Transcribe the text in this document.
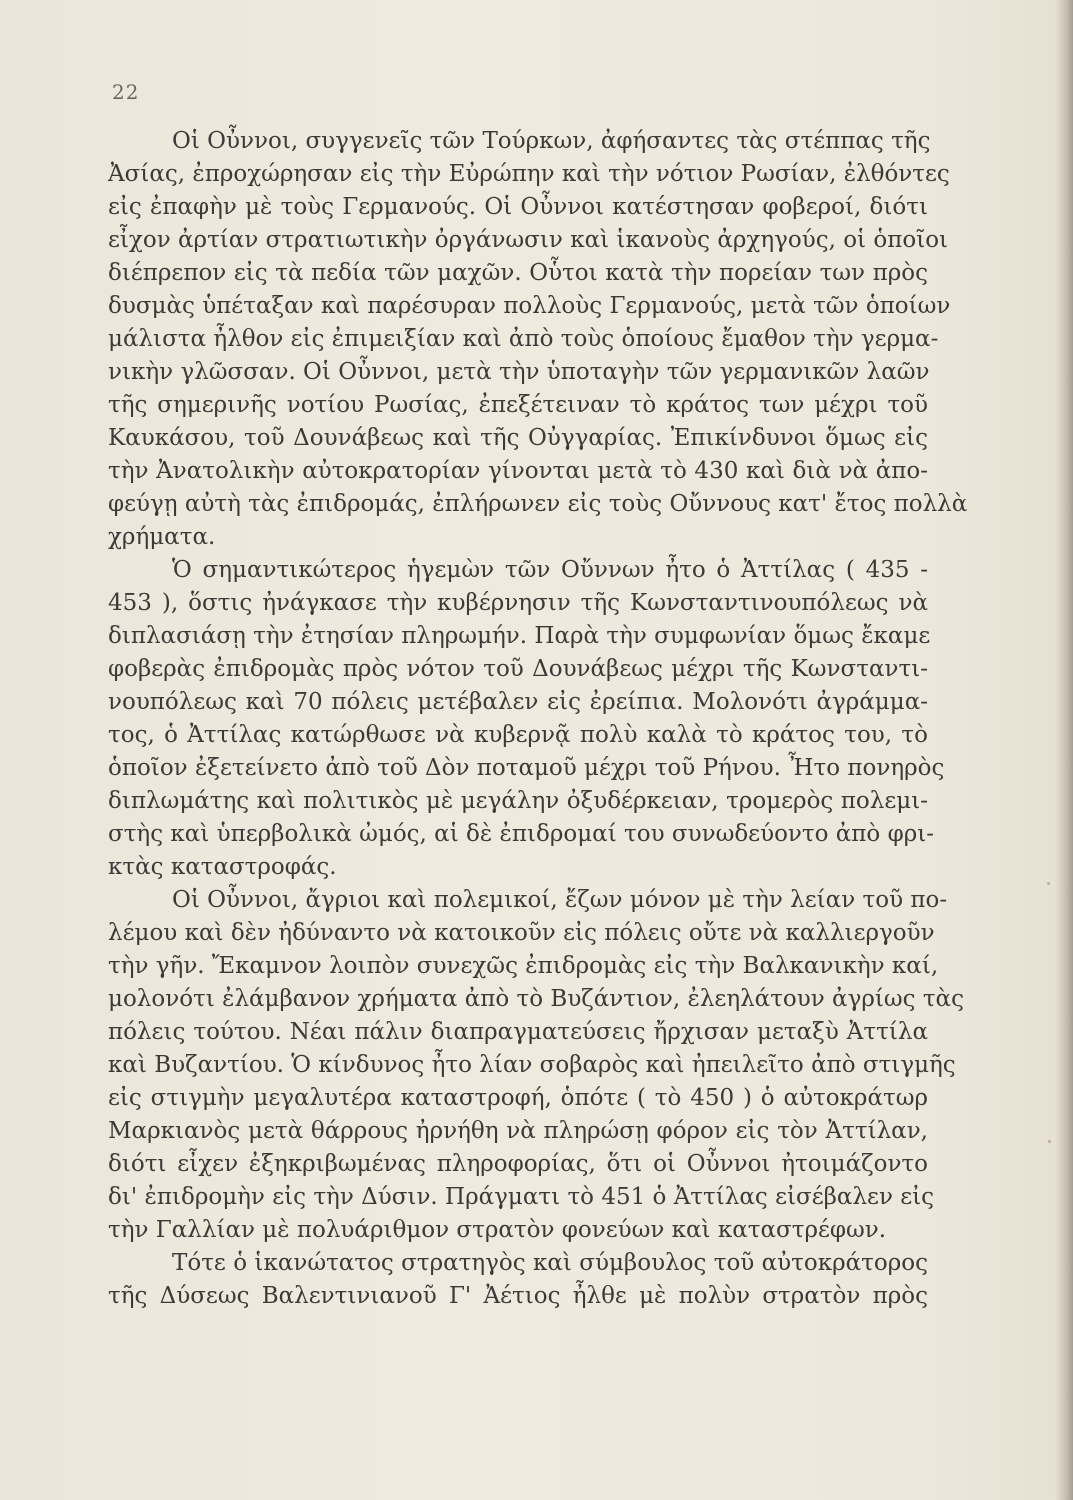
22
Οἱ Οὖννοι, συγγενεῖς τῶν Τούρκων, ἀφήσαντες τὰς στέππας τῆς
Ἀσίας, ἐπροχώρησαν εἰς τὴν Εὐρώπην καὶ τὴν νότιον Ρωσίαν, ἐλθόντες
εἰς ἐπαφὴν μὲ τοὺς Γερμανούς. Οἱ Οὖννοι κατέστησαν φοβεροί, διότι
εἶχον ἀρτίαν στρατιωτικὴν ὀργάνωσιν καὶ ἱκανοὺς ἀρχηγούς, οἱ ὁποῖοι
διέπρεπον εἰς τὰ πεδία τῶν μαχῶν. Οὗτοι κατὰ τὴν πορείαν των πρὸς
δυσμὰς ὑπέταξαν καὶ παρέσυραν πολλοὺς Γερμανούς, μετὰ τῶν ὁποίων
μάλιστα ἦλθον εἰς ἐπιμειξίαν καὶ ἀπὸ τοὺς ὁποίους ἔμαθον τὴν γερμα-
νικὴν γλῶσσαν. Οἱ Οὖννοι, μετὰ τὴν ὑποταγὴν τῶν γερμανικῶν λαῶν
τῆς σημερινῆς νοτίου Ρωσίας, ἐπεξέτειναν τὸ κράτος των μέχρι τοῦ
Καυκάσου, τοῦ Δουνάβεως καὶ τῆς Οὐγγαρίας. Ἐπικίνδυνοι ὅμως εἰς
τὴν Ἀνατολικὴν αὐτοκρατορίαν γίνονται μετὰ τὸ 430 καὶ διὰ νὰ ἀπο-
φεύγῃ αὐτὴ τὰς ἐπιδρομάς, ἐπλήρωνεν εἰς τοὺς Οὔννους κατ' ἔτος πολλὰ
χρήματα.
Ὁ σημαντικώτερος ἡγεμὼν τῶν Οὔννων ἦτο ὁ Ἀττίλας ( 435 -
453 ), ὅστις ἠνάγκασε τὴν κυβέρνησιν τῆς Κωνσταντινουπόλεως νὰ
διπλασιάσῃ τὴν ἐτησίαν πληρωμήν. Παρὰ τὴν συμφωνίαν ὅμως ἔκαμε
φοβερὰς ἐπιδρομὰς πρὸς νότον τοῦ Δουνάβεως μέχρι τῆς Κωνσταντι-
νουπόλεως καὶ 70 πόλεις μετέβαλεν εἰς ἐρείπια. Μολονότι ἀγράμμα-
τος, ὁ Ἀττίλας κατώρθωσε νὰ κυβερνᾷ πολὺ καλὰ τὸ κράτος του, τὸ
ὁποῖον ἐξετείνετο ἀπὸ τοῦ Δὸν ποταμοῦ μέχρι τοῦ Ρήνου. Ἦτο πονηρὸς
διπλωμάτης καὶ πολιτικὸς μὲ μεγάλην ὀξυδέρκειαν, τρομερὸς πολεμι-
στὴς καὶ ὑπερβολικὰ ὠμός, αἱ δὲ ἐπιδρομαί του συνωδεύοντο ἀπὸ φρι-
κτὰς καταστροφάς.
Οἱ Οὖννοι, ἄγριοι καὶ πολεμικοί, ἔζων μόνον μὲ τὴν λείαν τοῦ πο-
λέμου καὶ δὲν ἠδύναντο νὰ κατοικοῦν εἰς πόλεις οὔτε νὰ καλλιεργοῦν
τὴν γῆν. Ἔκαμνον λοιπὸν συνεχῶς ἐπιδρομὰς εἰς τὴν Βαλκανικὴν καί,
μολονότι ἐλάμβανον χρήματα ἀπὸ τὸ Βυζάντιον, ἐλεηλάτουν ἀγρίως τὰς
πόλεις τούτου. Νέαι πάλιν διαπραγματεύσεις ἤρχισαν μεταξὺ Ἀττίλα
καὶ Βυζαντίου. Ὁ κίνδυνος ἦτο λίαν σοβαρὸς καὶ ἠπειλεῖτο ἀπὸ στιγμῆς
εἰς στιγμὴν μεγαλυτέρα καταστροφή, ὁπότε ( τὸ 450 ) ὁ αὐτοκράτωρ
Μαρκιανὸς μετὰ θάρρους ἠρνήθη νὰ πληρώσῃ φόρον εἰς τὸν Ἀττίλαν,
διότι εἶχεν ἐξηκριβωμένας πληροφορίας, ὅτι οἱ Οὖννοι ἠτοιμάζοντο
δι' ἐπιδρομὴν εἰς τὴν Δύσιν. Πράγματι τὸ 451 ὁ Ἀττίλας εἰσέβαλεν εἰς
τὴν Γαλλίαν μὲ πολυάριθμον στρατὸν φονεύων καὶ καταστρέφων.
Τότε ὁ ἱκανώτατος στρατηγὸς καὶ σύμβουλος τοῦ αὐτοκράτορος
τῆς Δύσεως Βαλεντινιανοῦ Γ' Ἀέτιος ἦλθε μὲ πολὺν στρατὸν πρὸς
